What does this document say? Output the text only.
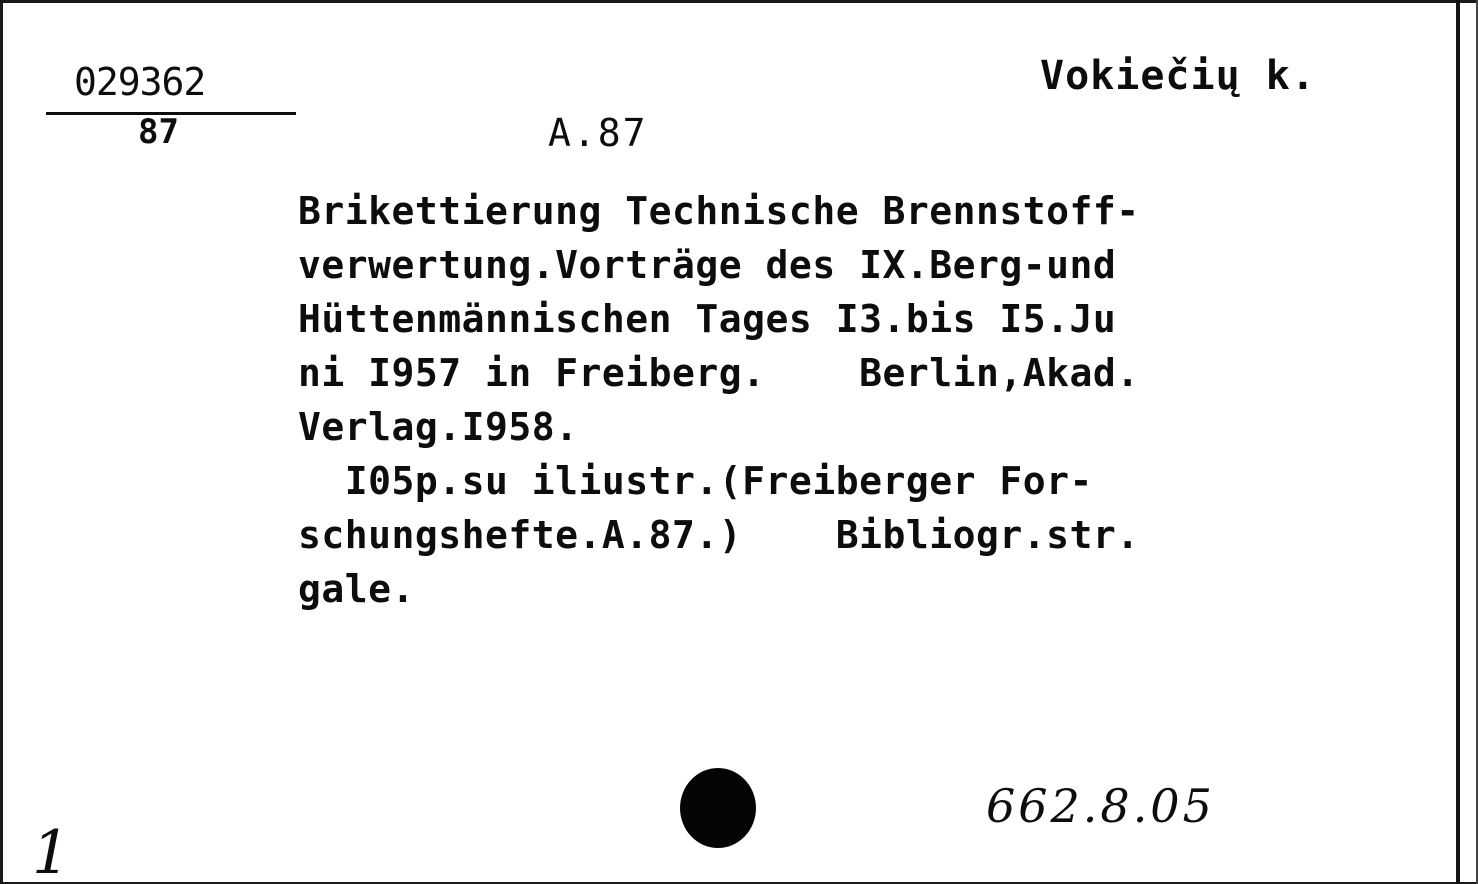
029362
87	A.87
Vokiečių k.
Brikettierung Technische Brennstoff-
verwertung.Vorträge des IX.Berg-und
Hüttenmännischen Tages I3.bis I5.Ju
ni I957 in Freiberg.    Berlin,Akad.
Verlag.I958.
I05p.su iliustr.(Freiberger For-
schungshefte.A.87.)    Bibliogr.str.
gale.
662.8.05
1
